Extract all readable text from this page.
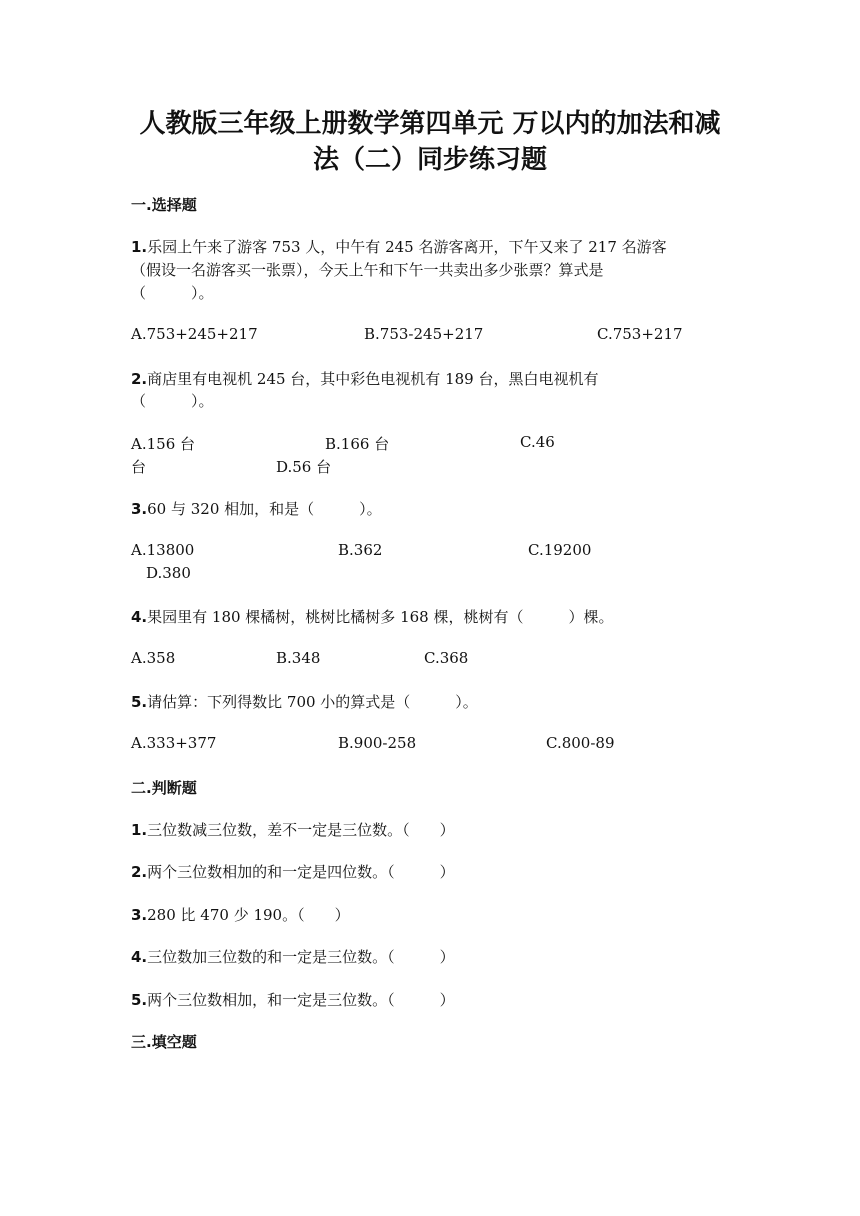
人教版三年级上册数学第四单元 万以内的加法和减
法（二）同步练习题
一.选择题
1.乐园上午来了游客 753 人，中午有 245 名游客离开，下午又来了 217 名游客
（假设一名游客买一张票），今天上午和下午一共卖出多少张票？算式是
（　　　）。
A.753+245+217	B.753-245+217	C.753+217
2.商店里有电视机 245 台，其中彩色电视机有 189 台，黑白电视机有
（　　　）。
A.156 台	B.166 台	C.46
台	D.56 台
3.60 与 320 相加，和是（　　　）。
A.13800	B.362	C.19200
D.380
4.果园里有 180 棵橘树，桃树比橘树多 168 棵，桃树有（　　　）棵。
A.358	B.348	C.368
5.请估算：下列得数比 700 小的算式是（　　　）。
A.333+377	B.900-258	C.800-89
二.判断题
1.三位数减三位数，差不一定是三位数。（　　）
2.两个三位数相加的和一定是四位数。（　　　）
3.280 比 470 少 190。（　　）
4.三位数加三位数的和一定是三位数。（　　　）
5.两个三位数相加，和一定是三位数。（　　　）
三.填空题
